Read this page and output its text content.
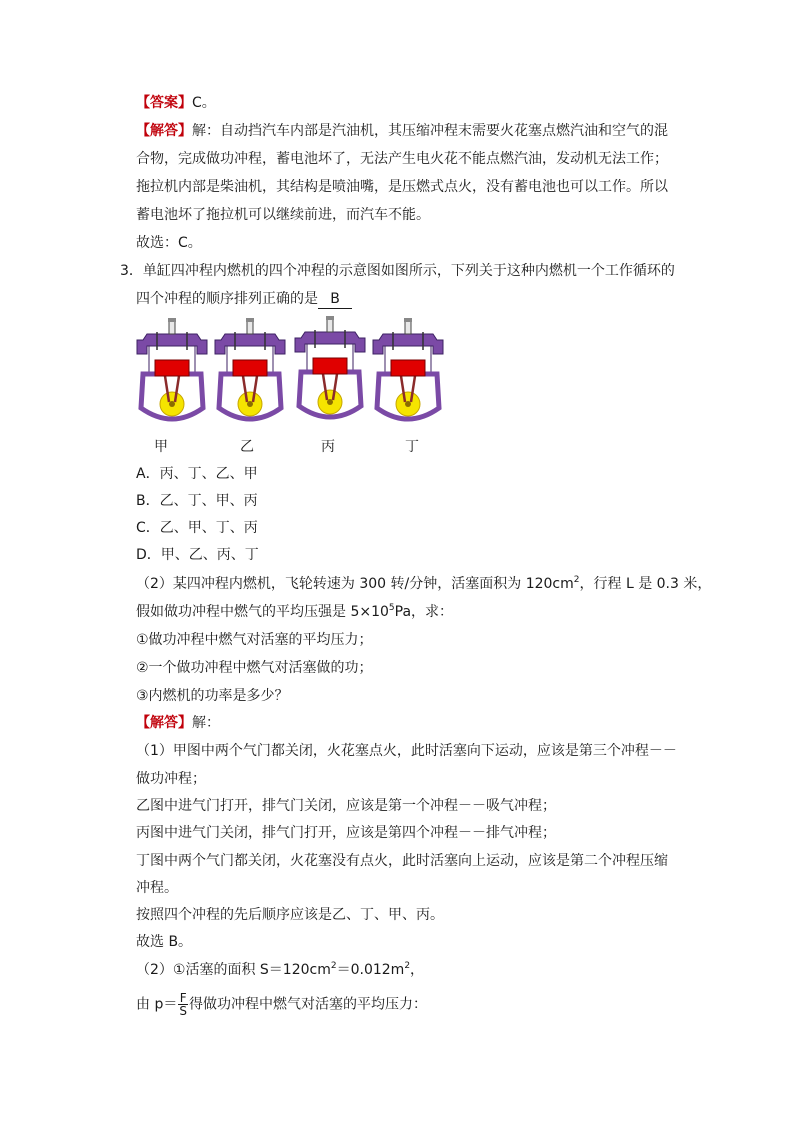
【答案】C。
【解答】解：自动挡汽车内部是汽油机，其压缩冲程末需要火花塞点燃汽油和空气的混
合物，完成做功冲程，蓄电池坏了，无法产生电火花不能点燃汽油，发动机无法工作；
拖拉机内部是柴油机，其结构是喷油嘴，是压燃式点火，没有蓄电池也可以工作。所以
蓄电池坏了拖拉机可以继续前进，而汽车不能。
故选：C。
3．单缸四冲程内燃机的四个冲程的示意图如图所示，下列关于这种内燃机一个工作循环的
四个冲程的顺序排列正确的是 B
甲	乙	丙	丁
A．丙、丁、乙、甲
B．乙、丁、甲、丙
C．乙、甲、丁、丙
D．甲、乙、丙、丁
（2）某四冲程内燃机，飞轮转速为 300 转/分钟，活塞面积为 $120cm^2$，行程 L 是 0.3 米，
假如做功冲程中燃气的平均压强是 $5\times 10^5Pa$，求：
①做功冲程中燃气对活塞的平均压力；
②一个做功冲程中燃气对活塞做的功；
③内燃机的功率是多少？
【解答】解：
（1）甲图中两个气门都关闭，火花塞点火，此时活塞向下运动，应该是第三个冲程－－
做功冲程；
乙图中进气门打开，排气门关闭，应该是第一个冲程－－吸气冲程；
丙图中进气门关闭，排气门打开，应该是第四个冲程－－排气冲程；
丁图中两个气门都关闭，火花塞没有点火，此时活塞向上运动，应该是第二个冲程压缩
冲程。
按照四个冲程的先后顺序应该是乙、丁、甲、丙。
故选 B。
（2）①活塞的面积 $S=120cm^2=0.012m^2$，
由 $p= \frac{F}{S}$ 得做功冲程中燃气对活塞的平均压力：
